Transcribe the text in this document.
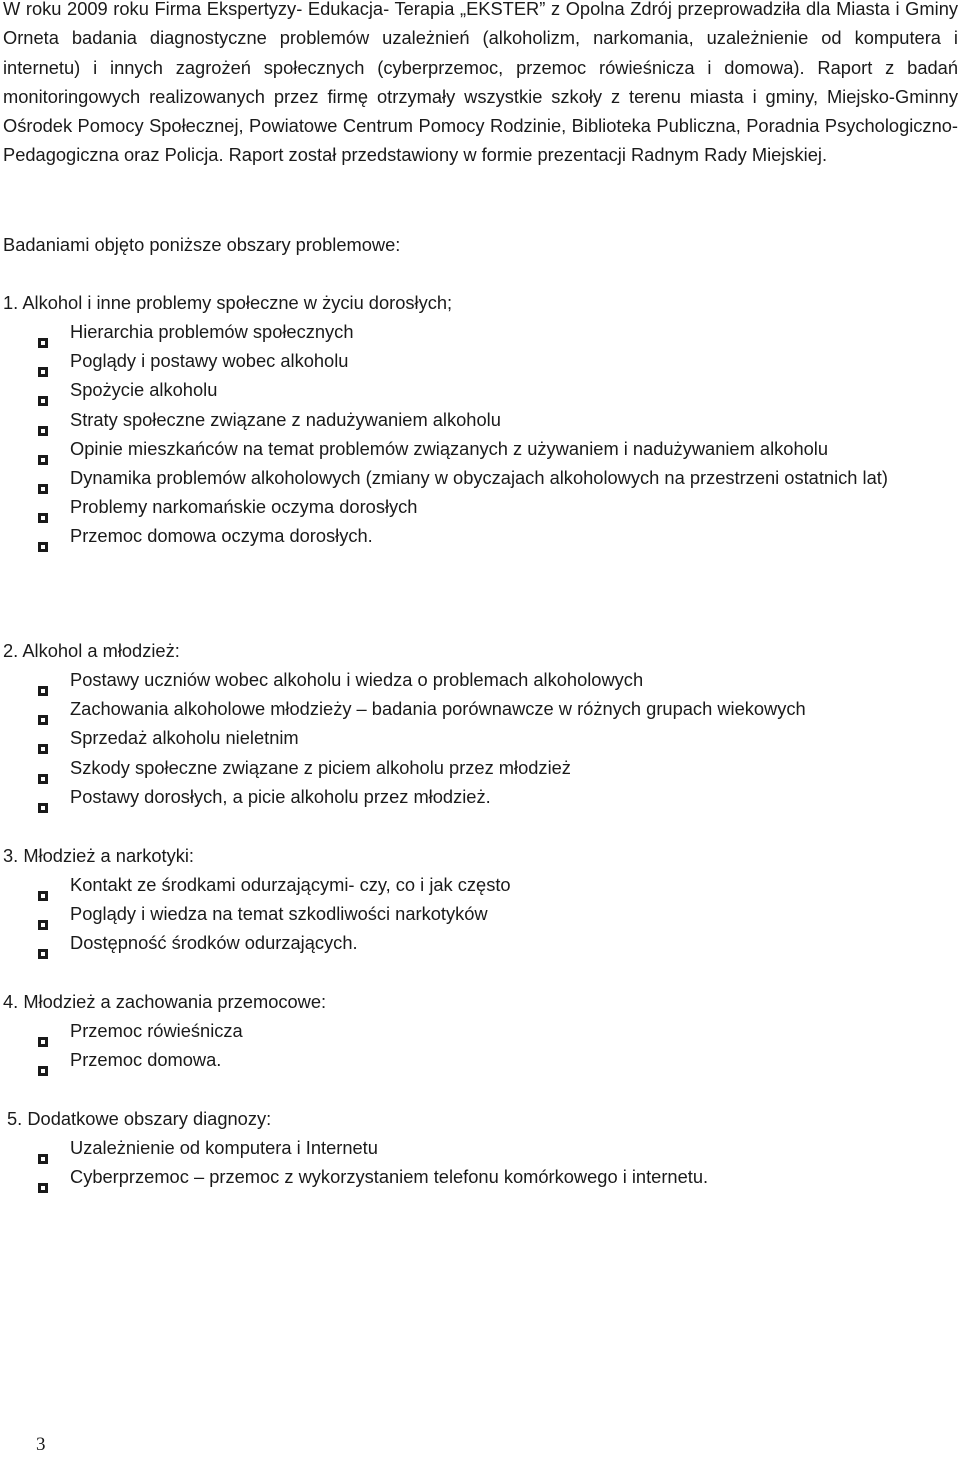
W roku 2009 roku Firma Ekspertyzy- Edukacja- Terapia „EKSTER” z Opolna Zdrój przeprowadziła dla Miasta i Gminy Orneta badania diagnostyczne problemów uzależnień (alkoholizm, narkomania, uzależnienie od komputera i internetu) i innych zagrożeń społecznych (cyberprzemoc, przemoc rówieśnicza i domowa). Raport z badań monitoringowych realizowanych przez firmę otrzymały wszystkie szkoły z terenu miasta i gminy, Miejsko-Gminny Ośrodek Pomocy Społecznej, Powiatowe Centrum Pomocy Rodzinie, Biblioteka Publiczna, Poradnia Psychologiczno-Pedagogiczna oraz Policja. Raport został przedstawiony w formie prezentacji Radnym Rady Miejskiej.

Badaniami objęto poniższe obszary problemowe:

1. Alkohol i inne problemy społeczne w życiu dorosłych;

Hierarchia problemów społecznych
Poglądy i postawy wobec alkoholu
Spożycie alkoholu
Straty społeczne związane z nadużywaniem alkoholu
Opinie mieszkańców na temat problemów związanych z używaniem i nadużywaniem alkoholu
Dynamika problemów alkoholowych (zmiany w obyczajach alkoholowych na przestrzeni ostatnich lat)
Problemy narkomańskie oczyma dorosłych
Przemoc domowa oczyma dorosłych.

2. Alkohol a młodzież:

Postawy uczniów wobec alkoholu i wiedza o problemach alkoholowych
Zachowania alkoholowe młodzieży – badania porównawcze w różnych grupach wiekowych
Sprzedaż alkoholu nieletnim
Szkody społeczne związane z piciem alkoholu przez młodzież
Postawy dorosłych, a picie alkoholu przez młodzież.

3. Młodzież a narkotyki:

Kontakt ze środkami odurzającymi- czy, co i jak często
Poglądy i wiedza na temat szkodliwości narkotyków
Dostępność środków odurzających.

4. Młodzież a zachowania przemocowe:

Przemoc rówieśnicza
Przemoc domowa.

5. Dodatkowe obszary diagnozy:

Uzależnienie od komputera i Internetu
Cyberprzemoc – przemoc z wykorzystaniem telefonu komórkowego i internetu.
3
